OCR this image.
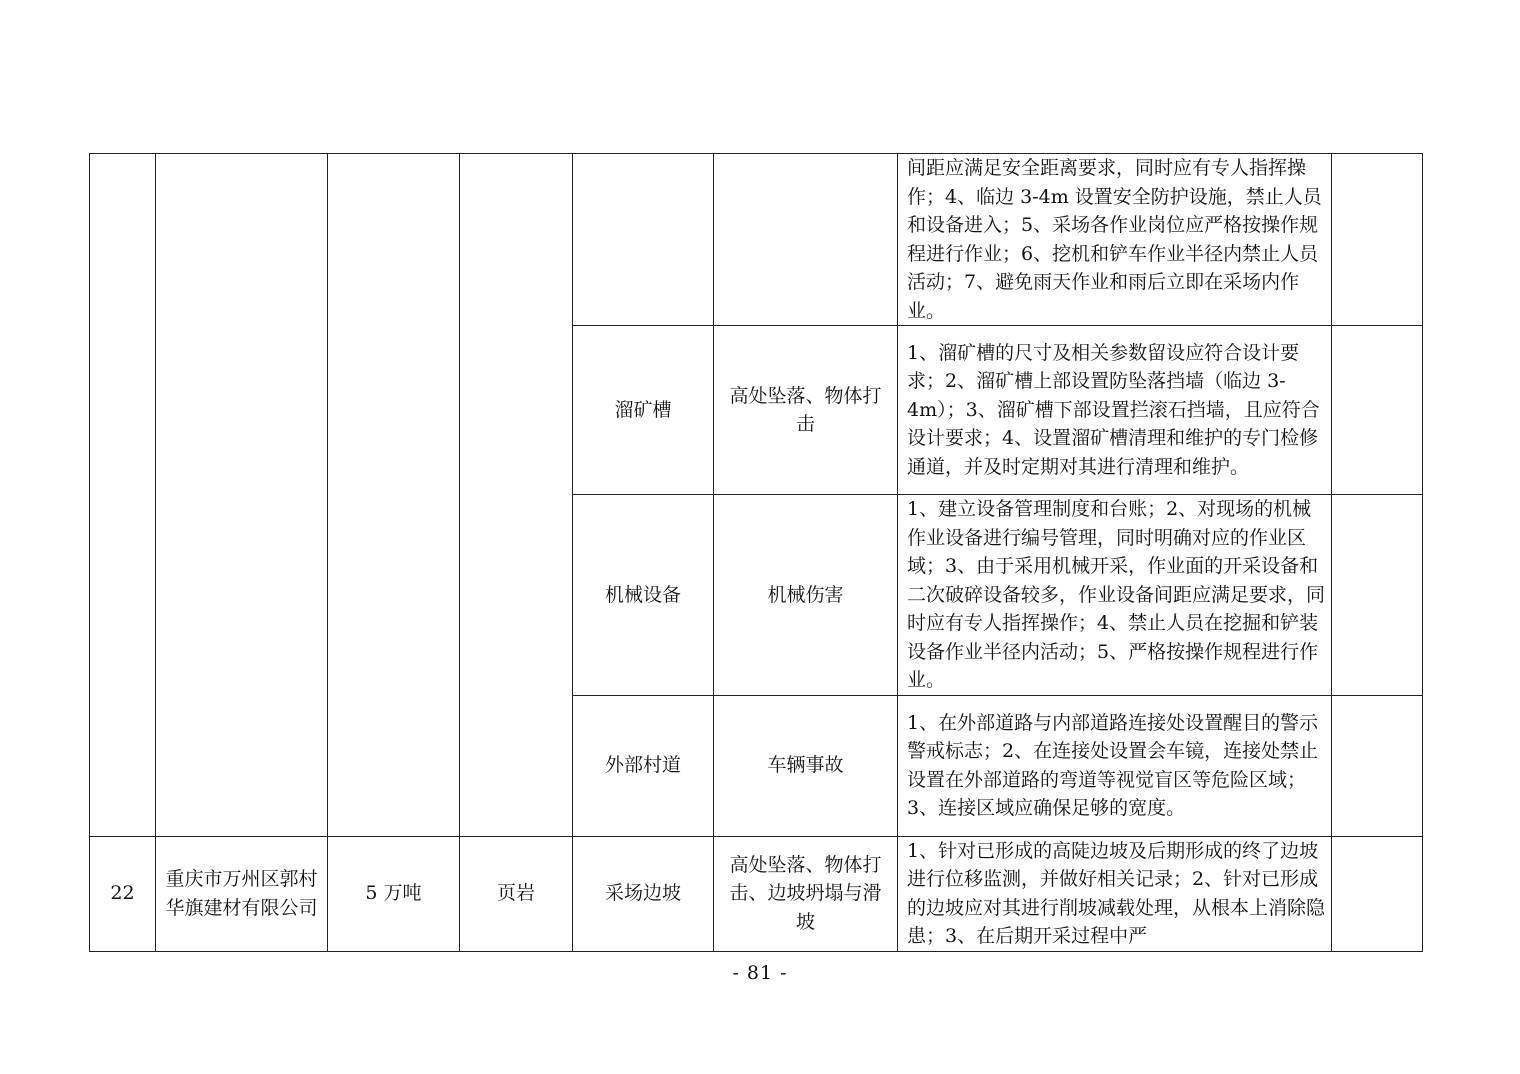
						间距应满足安全距离要求，同时应有专人指挥操作；4、临边 3-4m 设置安全防护设施，禁止人员和设备进入；5、采场各作业岗位应严格按操作规程进行作业；6、挖机和铲车作业半径内禁止人员活动；7、避免雨天作业和雨后立即在采场内作业。	
				溜矿槽	高处坠落、物体打击	1、溜矿槽的尺寸及相关参数留设应符合设计要求；2、溜矿槽上部设置防坠落挡墙（临边 3-4m）；3、溜矿槽下部设置拦滚石挡墙，且应符合设计要求；4、设置溜矿槽清理和维护的专门检修通道，并及时定期对其进行清理和维护。	
				机械设备	机械伤害	1、建立设备管理制度和台账；2、对现场的机械作业设备进行编号管理，同时明确对应的作业区域；3、由于采用机械开采，作业面的开采设备和二次破碎设备较多，作业设备间距应满足要求，同时应有专人指挥操作；4、禁止人员在挖掘和铲装设备作业半径内活动；5、严格按操作规程进行作业。	
				外部村道	车辆事故	1、在外部道路与内部道路连接处设置醒目的警示警戒标志；2、在连接处设置会车镜，连接处禁止设置在外部道路的弯道等视觉盲区等危险区域；
3、连接区域应确保足够的宽度。	
22	重庆市万州区郭村华旗建材有限公司	5 万吨	页岩	采场边坡	高处坠落、物体打击、边坡坍塌与滑坡	1、针对已形成的高陡边坡及后期形成的终了边坡进行位移监测，并做好相关记录；2、针对已形成的边坡应对其进行削坡减载处理，从根本上消除隐患；3、在后期开采过程中严	
- 81 -
